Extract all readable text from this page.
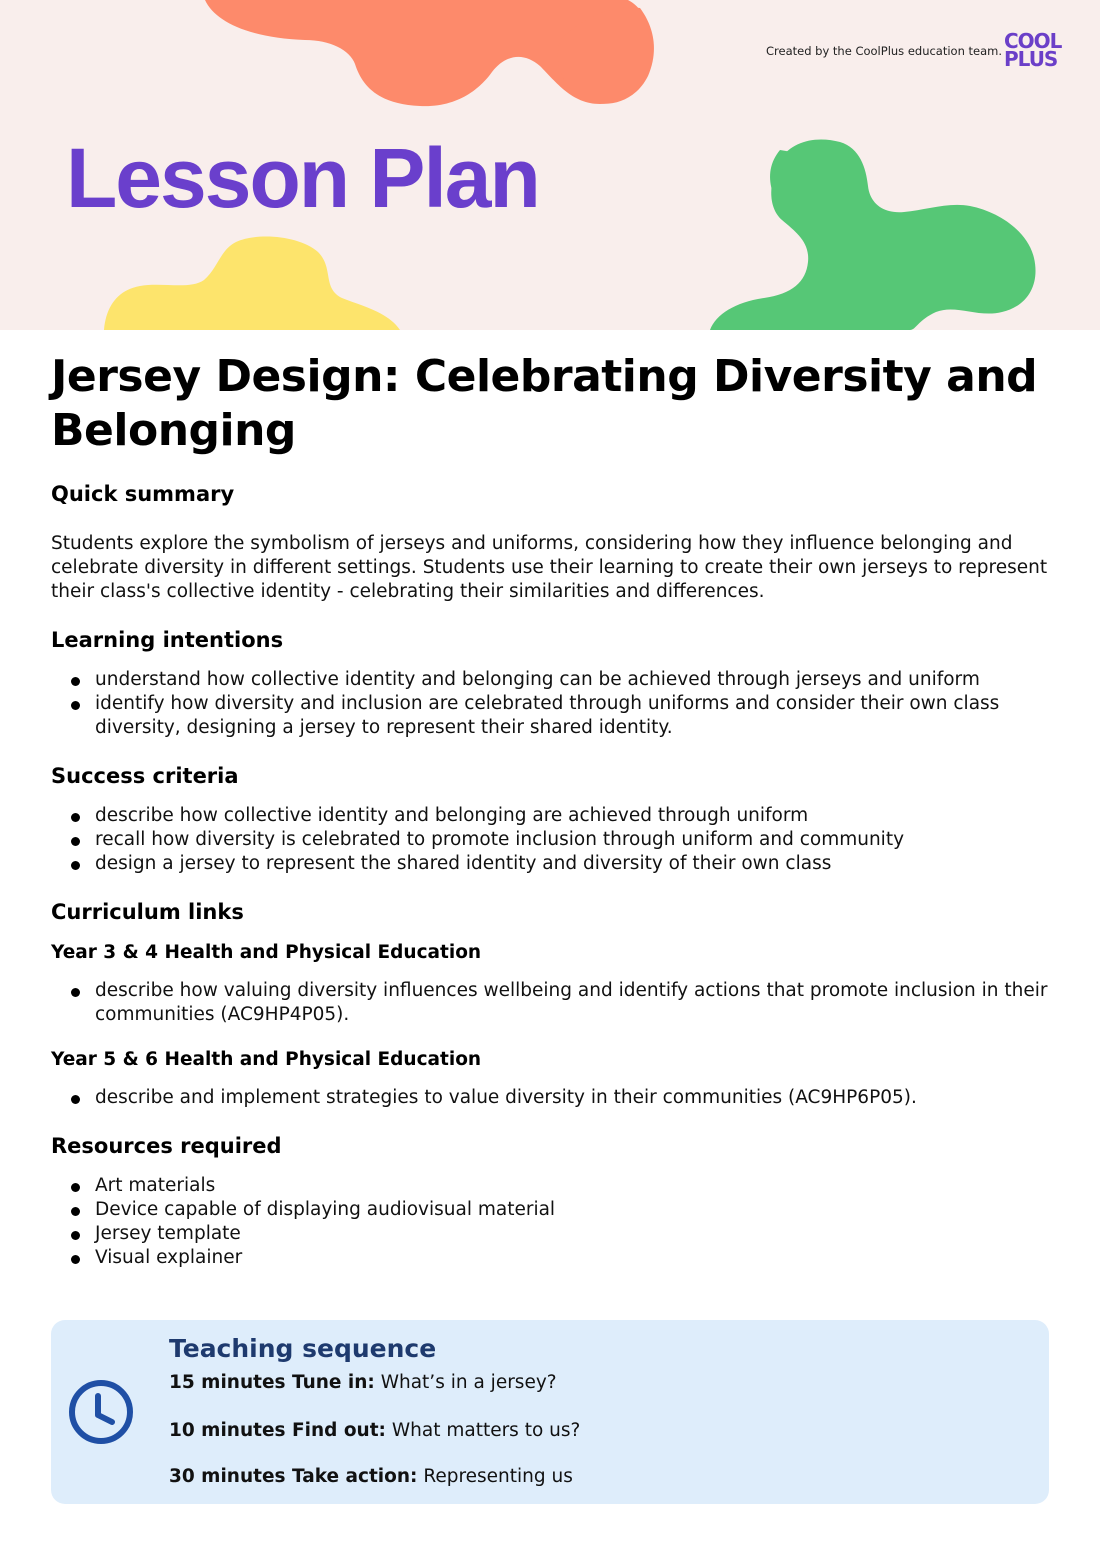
Created by the CoolPlus education team. COOL
PLUS
Lesson Plan
Jersey Design: Celebrating Diversity and Belonging
Quick summary

Students explore the symbolism of jerseys and uniforms, considering how they influence belonging and celebrate diversity in different settings. Students use their learning to create their own jerseys to represent their class's collective identity - celebrating their similarities and differences.

Learning intentions
understand how collective identity and belonging can be achieved through jerseys and uniform
identify how diversity and inclusion are celebrated through uniforms and consider their own class diversity, designing a jersey to represent their shared identity.
Success criteria
describe how collective identity and belonging are achieved through uniform
recall how diversity is celebrated to promote inclusion through uniform and community
design a jersey to represent the shared identity and diversity of their own class
Curriculum links
Year 3 & 4 Health and Physical Education
describe how valuing diversity influences wellbeing and identify actions that promote inclusion in their communities (AC9HP4P05).
Year 5 & 6 Health and Physical Education
describe and implement strategies to value diversity in their communities (AC9HP6P05).
Resources required
Art materials
Device capable of displaying audiovisual material
Jersey template
Visual explainer
Teaching sequence
15 minutes Tune in: What’s in a jersey?
10 minutes Find out: What matters to us?
30 minutes Take action: Representing us
